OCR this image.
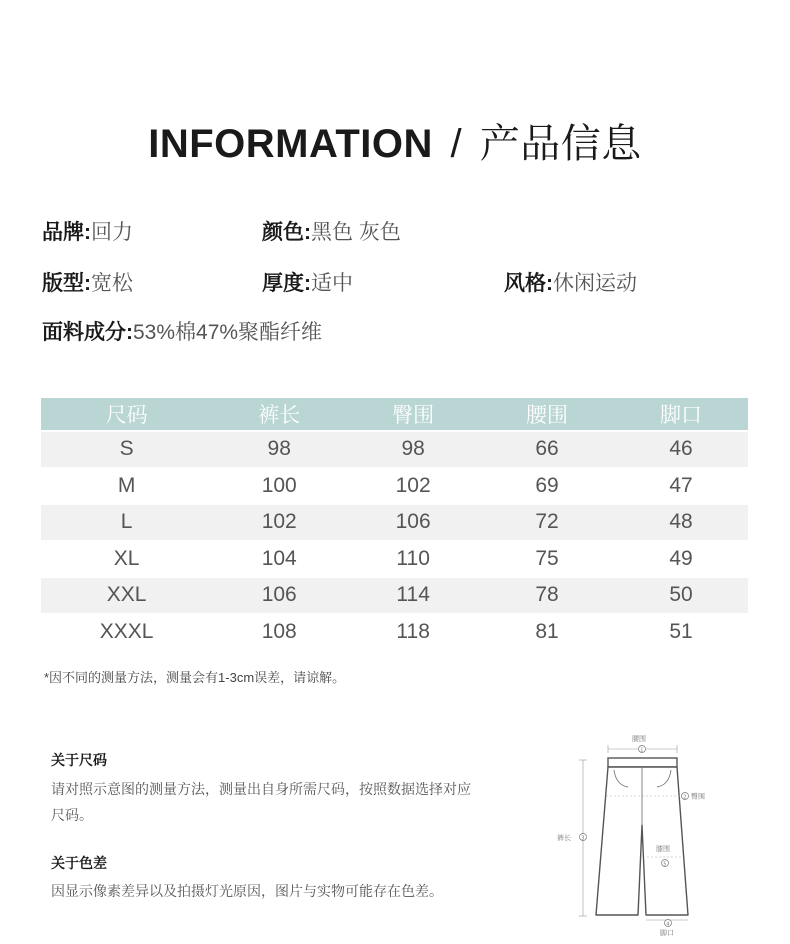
INFORMATION / 产品信息
品牌:回力	颜色:黑色 灰色
版型:宽松	厚度:适中	风格:休闲运动
面料成分:53%棉47%聚酯纤维
尺码	裤长	臀围	腰围	脚口
S	98	98	66	46
M	100	102	69	47
L	102	106	72	48
XL	104	110	75	49
XXL	106	114	78	50
XXXL	108	118	81	51
*因不同的测量方法，测量会有1-3cm误差，请谅解。
关于尺码
请对照示意图的测量方法，测量出自身所需尺码，按照数据选择对应尺码。
关于色差
因显示像素差异以及拍摄灯光原因，图片与实物可能存在色差。
腰围
1
2 臀围
裤长 3
膝围
5
4
脚口
